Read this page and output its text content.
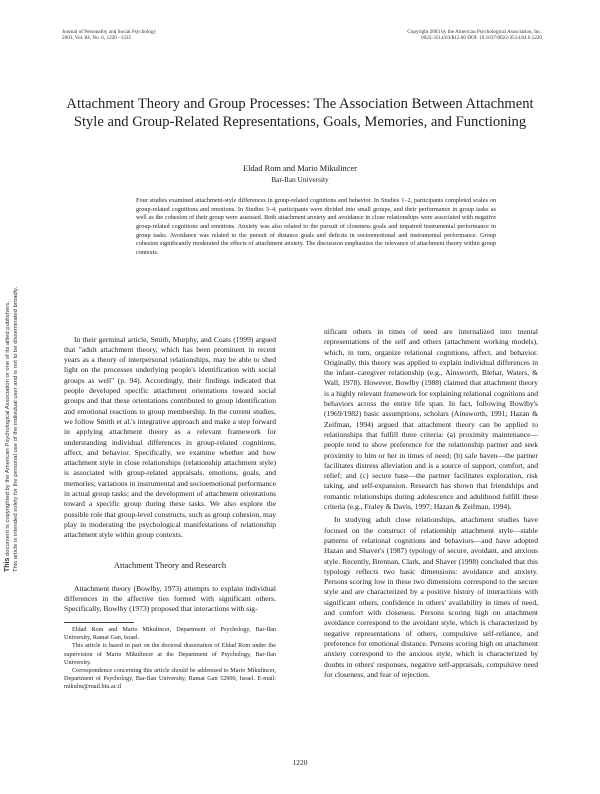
Journal of Personality and Social Psychology
2003, Vol. 84, No. 6, 1220 –1235
Copyright 2003 by the American Psychological Association, Inc.
0022-3514/03/$12.00 DOI: 10.1037/0022-3514.84.6.1220
Attachment Theory and Group Processes: The Association Between Attachment Style and Group-Related Representations, Goals, Memories, and Functioning
Eldad Rom and Mario Mikulincer
Bar-Ilan University
Four studies examined attachment-style differences in group-related cognitions and behavior. In Studies 1–2, participants completed scales on group-related cognitions and emotions. In Studies 3–4, participants were divided into small groups, and their performance in group tasks as well as the cohesion of their group were assessed. Both attachment anxiety and avoidance in close relationships were associated with negative group-related cognitions and emotions. Anxiety was also related to the pursuit of closeness goals and impaired instrumental performance in group tasks. Avoidance was related to the pursuit of distance goals and deficits in socioemotional and instrumental performance. Group cohesion significantly moderated the effects of attachment anxiety. The discussion emphasizes the relevance of attachment theory within group contexts.

In their germinal article, Smith, Murphy, and Coats (1999) argued that "adult attachment theory, which has been prominent in recent years as a theory of interpersonal relationships, may be able to shed light on the processes underlying people's identification with social groups as well" (p. 94). Accordingly, their findings indicated that people developed specific attachment orientations toward social groups and that these orientations contributed to group identification and emotional reactions to group membership. In the current studies, we follow Smith et al.'s integrative approach and make a step forward in applying attachment theory as a relevant framework for understanding individual differences in group-related cognitions, affect, and behavior. Specifically, we examine whether and how attachment style in close relationships (relationship attachment style) is associated with group-related appraisals, emotions, goals, and memories; variations in instrumental and socioemotional performance in actual group tasks; and the development of attachment orientations toward a specific group during these tasks. We also explore the possible role that group-level constructs, such as group cohesion, may play in moderating the psychological manifestations of relationship attachment style within group contexts.

Attachment Theory and Research

Attachment theory (Bowlby, 1973) attempts to explain individual differences in the affective ties formed with significant others. Specifically, Bowlby (1973) proposed that interactions with sig-

Eldad Rom and Mario Mikulincer, Department of Psychology, Bar-Ilan University, Ramat Gan, Israel.

This article is based in part on the doctoral dissertation of Eldad Rom under the supervision of Mario Mikulincer at the Department of Psychology, Bar-Ilan University.

Correspondence concerning this article should be addressed to Mario Mikulincer, Department of Psychology, Bar-Ilan University, Ramat Gan 52900, Israel. E-mail: mikulm@mail.biu.ac.il

nificant others in times of need are internalized into mental representations of the self and others (attachment working models), which, in turn, organize relational cognitions, affect, and behavior. Originally, this theory was applied to explain individual differences in the infant–caregiver relationship (e.g., Ainsworth, Blehar, Waters, & Wall, 1978). However, Bowlby (1988) claimed that attachment theory is a highly relevant framework for explaining relational cognitions and behaviors across the entire life span. In fact, following Bowlby's (1969/1982) basic assumptions, scholars (Ainsworth, 1991; Hazan & Zeifman, 1994) argued that attachment theory can be applied to relationships that fulfill three criteria: (a) proximity maintenance—people tend to show preference for the relationship partner and seek proximity to him or her in times of need; (b) safe haven—the partner facilitates distress alleviation and is a source of support, comfort, and relief; and (c) secure base—the partner facilitates exploration, risk taking, and self-expansion. Research has shown that friendships and romantic relationships during adolescence and adulthood fulfill these criteria (e.g., Fraley & Davis, 1997; Hazan & Zeifman, 1994).

In studying adult close relationships, attachment studies have focused on the construct of relationship attachment style—stable patterns of relational cognitions and behaviors—and have adopted Hazan and Shaver's (1987) typology of secure, avoidant, and anxious style. Recently, Brennan, Clark, and Shaver (1998) concluded that this typology reflects two basic dimensions: avoidance and anxiety. Persons scoring low in these two dimensions correspond to the secure style and are characterized by a positive history of interactions with significant others, confidence in others' availability in times of need, and comfort with closeness. Persons scoring high on attachment avoidance correspond to the avoidant style, which is characterized by negative representations of others, compulsive self-reliance, and preference for emotional distance. Persons scoring high on attachment anxiety correspond to the anxious style, which is characterized by doubts in others' responses, negative self-appraisals, compulsive need for closeness, and fear of rejection.

1220
This document is copyrighted by the American Psychological Association or one of its allied publishers. This article is intended solely for the personal use of the individual user and is not to be disseminated broadly.
